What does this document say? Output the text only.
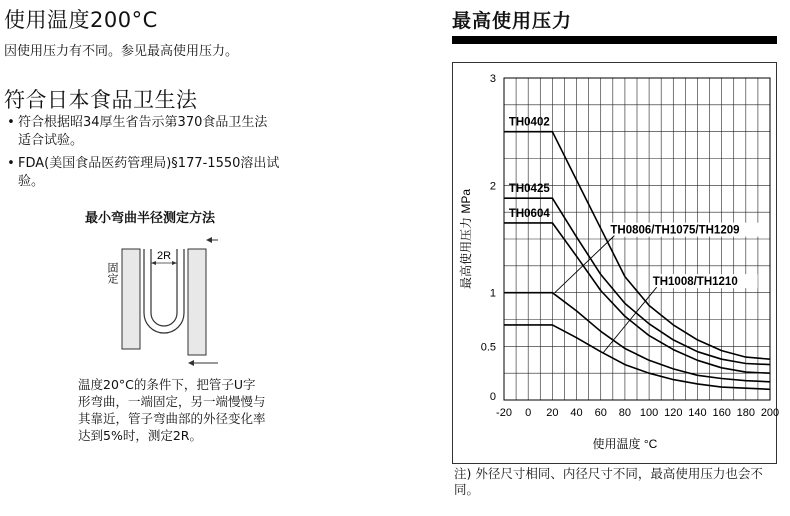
使用温度200°C
因使用压力有不同。参见最高使用压力。
符合日本食品卫生法
• 符合根据昭34厚生省告示第370食品卫生法
适合试验。
• FDA(美国食品医药管理局)§177-1550溶出试
验。
最小弯曲半径测定方法
2R
固定
温度20°C的条件下，把管子U字形弯曲，一端固定，另一端慢慢与其靠近，管子弯曲部的外径变化率达到5%时，测定2R。
最高使用压力
-20 0 20 40 60 80 100 120 140 160 180 200
0
0.5
1
2
3
使用温度 °C
最高使用压力 MPa
TH0402
TH0425
TH0604
TH0806/TH1075/TH1209
TH1008/TH1210
注) 外径尺寸相同、内径尺寸不同，最高使用压力也会不同。
